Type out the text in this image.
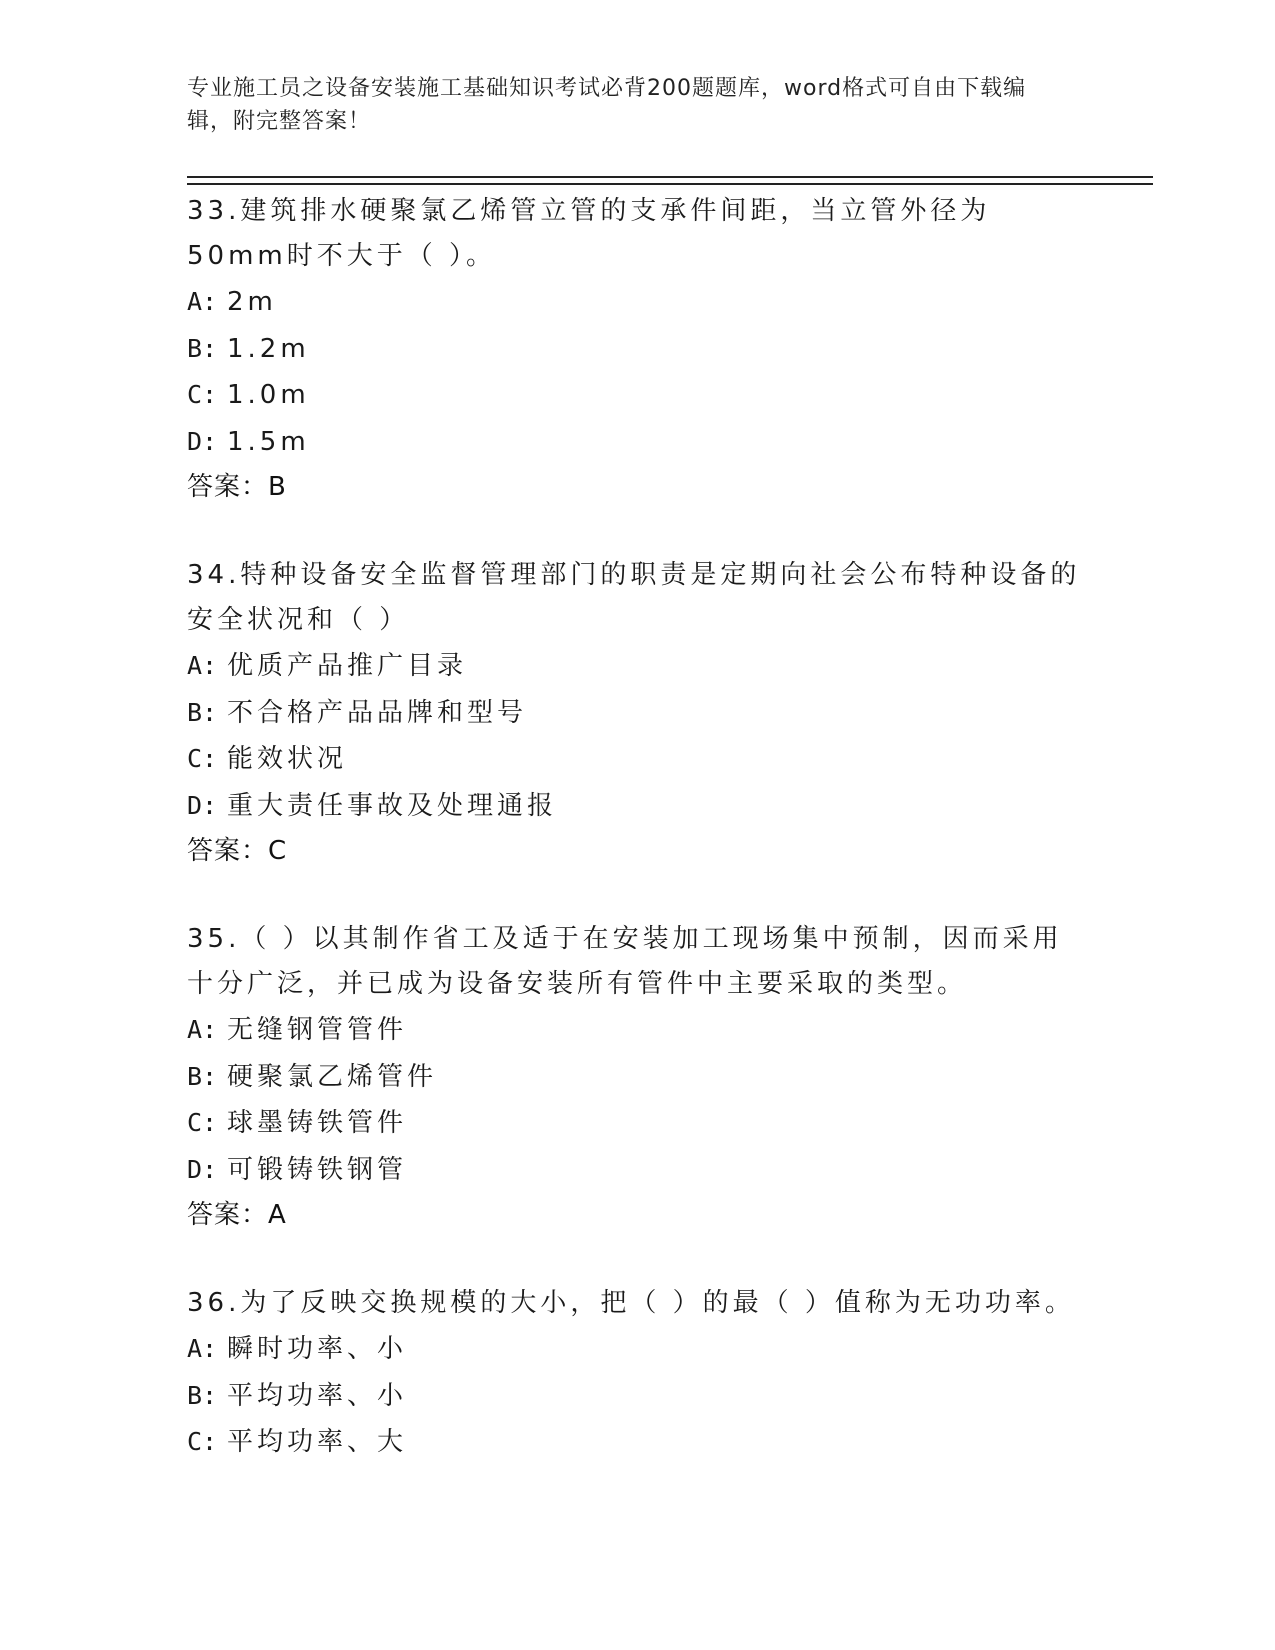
专业施工员之设备安装施工基础知识考试必背200题题库，word格式可自由下载编辑，附完整答案！

33.建筑排水硬聚氯乙烯管立管的支承件间距，当立管外径为50mm时不大于（ ）。

A: 2m

B: 1.2m

C: 1.0m

D: 1.5m

答案：B

34.特种设备安全监督管理部门的职责是定期向社会公布特种设备的安全状况和（ ）

A: 优质产品推广目录

B: 不合格产品品牌和型号

C: 能效状况

D: 重大责任事故及处理通报

答案：C

35.（ ）以其制作省工及适于在安装加工现场集中预制，因而采用十分广泛，并已成为设备安装所有管件中主要采取的类型。

A: 无缝钢管管件

B: 硬聚氯乙烯管件

C: 球墨铸铁管件

D: 可锻铸铁钢管

答案：A

36.为了反映交换规模的大小，把（ ）的最（ ）值称为无功功率。

A: 瞬时功率、小

B: 平均功率、小

C: 平均功率、大
